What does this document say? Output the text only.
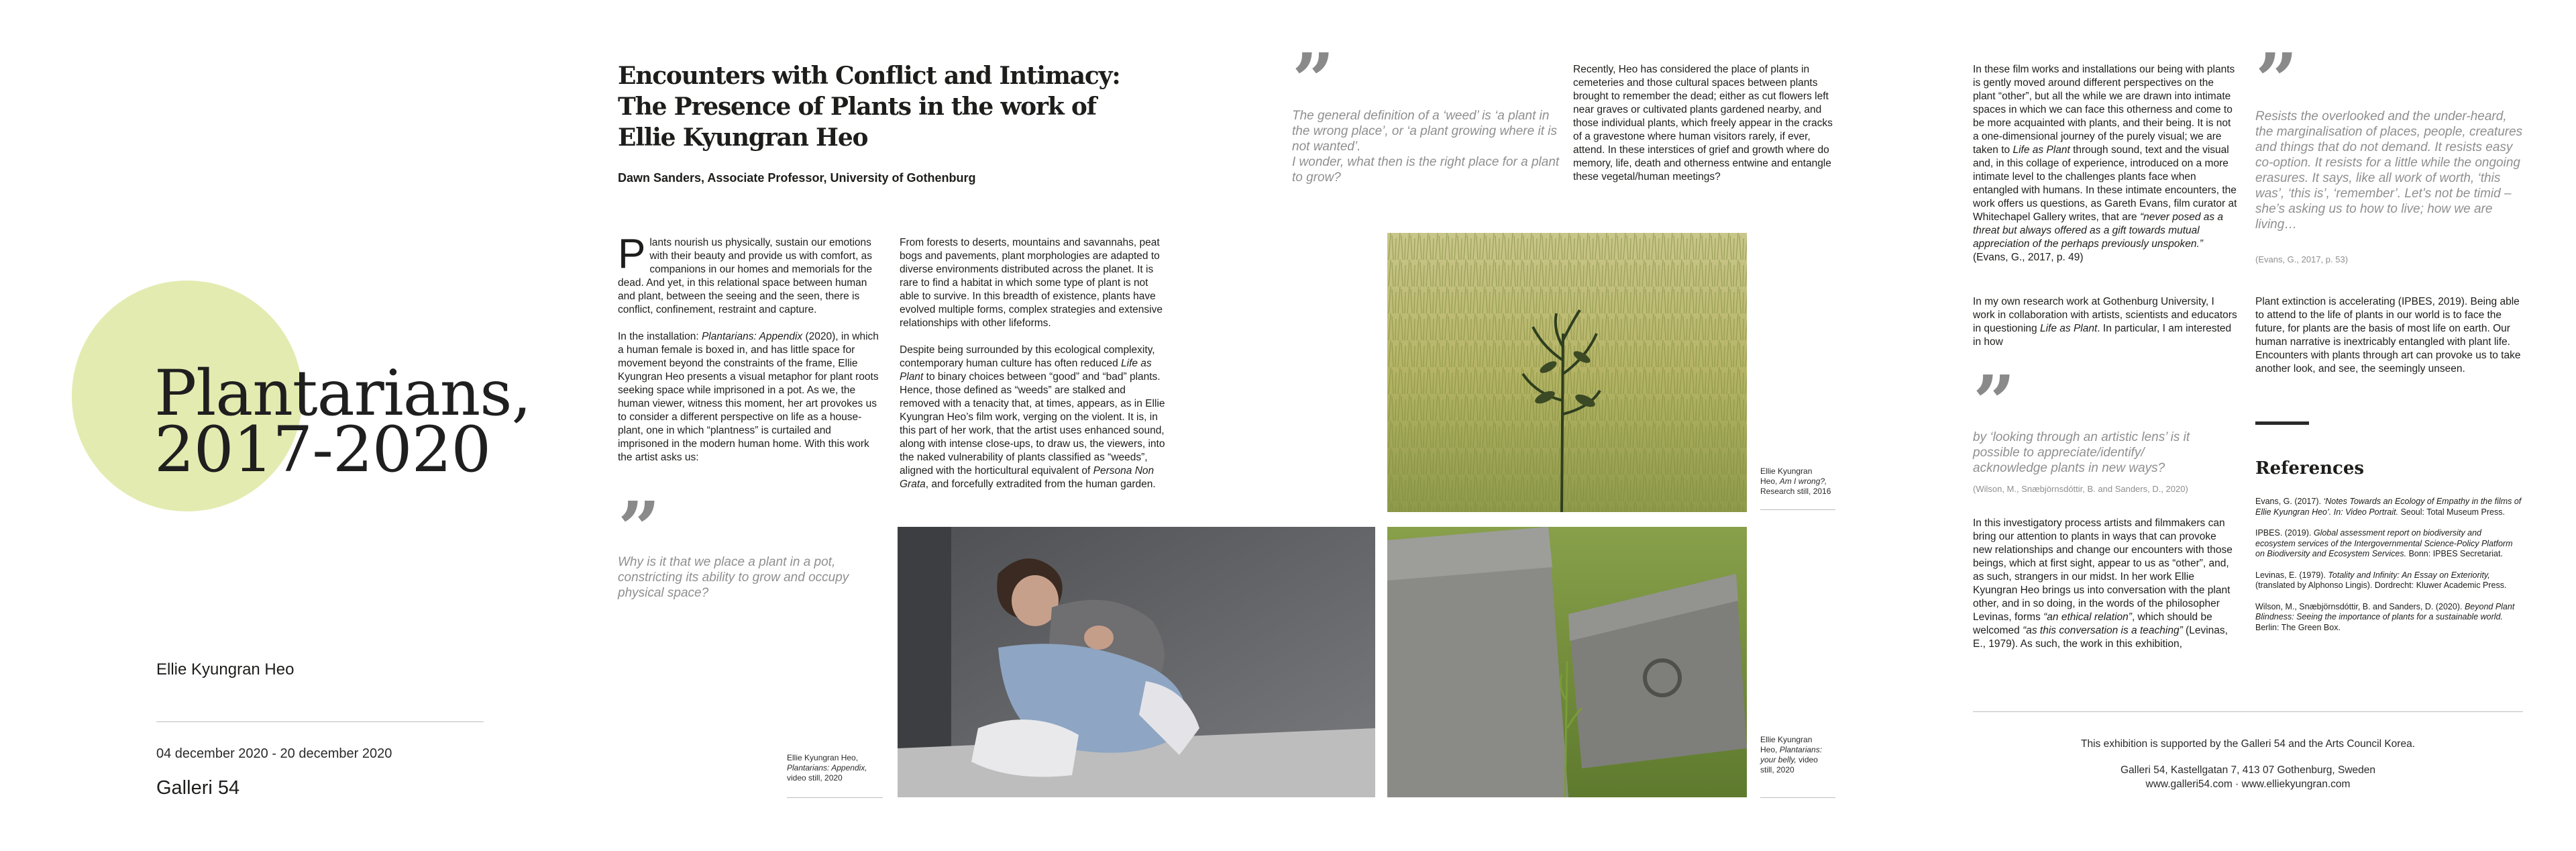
Plantarians,
2017-2020
Ellie Kyungran Heo
04 december 2020 - 20 december 2020
Galleri 54
Encounters with Conflict and Intimacy:
The Presence of Plants in the work of
Ellie Kyungran Heo
Dawn Sanders, Associate Professor, University of Gothenburg

Plants nourish us physically, sustain our emotions with their beauty and provide us with comfort, as companions in our homes and memorials for the dead. And yet, in this relational space between human and plant, between the seeing and the seen, there is conflict, confinement, restraint and capture.

In the installation: Plantarians: Appendix (2020), in which a human female is boxed in, and has little space for movement beyond the constraints of the frame, Ellie Kyungran Heo presents a visual metaphor for plant roots seeking space while imprisoned in a pot. As we, the human viewer, witness this moment, her art provokes us to consider a different perspective on life as a house-plant, one in which “plantness” is curtailed and imprisoned in the modern human home. With this work the artist asks us:

”
Why is it that we place a plant in a pot, constricting its ability to grow and occupy physical space?

From forests to deserts, mountains and savannahs, peat bogs and pavements, plant morphologies are adapted to diverse environments distributed across the planet. It is rare to find a habitat in which some type of plant is not able to survive. In this breadth of existence, plants have evolved multiple forms, complex strategies and extensive relationships with other lifeforms.

Despite being surrounded by this ecological complexity, contemporary human culture has often reduced Life as Plant to binary choices between “good” and “bad” plants. Hence, those defined as “weeds” are stalked and removed with a tenacity that, at times, appears, as in Ellie Kyungran Heo’s film work, verging on the violent. It is, in this part of her work, that the artist uses enhanced sound, along with intense close-ups, to draw us, the viewers, into the naked vulnerability of plants classified as “weeds”, aligned with the horticultural equivalent of Persona Non Grata, and forcefully extradited from the human garden.

Ellie Kyungran Heo,
Plantarians: Appendix,
video still, 2020
”
The general definition of a ‘weed’ is ‘a plant in the wrong place’, or ‘a plant growing where it is not wanted’.
I wonder, what then is the right place for a plant to grow?
Ellie Kyungran
Heo, Am I wrong?,
Research still, 2016
Ellie Kyungran
Heo, Plantarians:
your belly, video
still, 2020

Recently, Heo has considered the place of plants in cemeteries and those cultural spaces between plants brought to remember the dead; either as cut flowers left near graves or cultivated plants gardened nearby, and those individual plants, which freely appear in the cracks of a gravestone where human visitors rarely, if ever, attend. In these interstices of grief and growth where do memory, life, death and otherness entwine and entangle these vegetal/human meetings?

In these film works and installations our being with plants is gently moved around different perspectives on the plant “other”, but all the while we are drawn into intimate spaces in which we can face this otherness and come to be more acquainted with plants, and their being. It is not a one-dimensional journey of the purely visual; we are taken to Life as Plant through sound, text and the visual and, in this collage of experience, introduced on a more intimate level to the challenges plants face when entangled with humans. In these intimate encounters, the work offers us questions, as Gareth Evans, film curator at Whitechapel Gallery writes, that are “never posed as a threat but always offered as a gift towards mutual appreciation of the perhaps previously unspoken.”
(Evans, G., 2017, p. 49)

In my own research work at Gothenburg University, I work in collaboration with artists, scientists and educators in questioning Life as Plant. In particular, I am interested in how

”
by ‘looking through an artistic lens’ is it possible to appreciate/identify/ acknowledge plants in new ways?
(Wilson, M., Snæbjörnsdóttir, B. and Sanders, D., 2020)

In this investigatory process artists and filmmakers can bring our attention to plants in ways that can provoke new relationships and change our encounters with those beings, which at first sight, appear to us as “other”, and, as such, strangers in our midst. In her work Ellie Kyungran Heo brings us into conversation with the plant other, and in so doing, in the words of the philosopher Levinas, forms “an ethical relation”, which should be welcomed “as this conversation is a teaching” (Levinas, E., 1979). As such, the work in this exhibition,

”
Resists the overlooked and the under-heard, the marginalisation of places, people, creatures and things that do not demand. It resists easy co-option. It resists for a little while the ongoing erasures. It says, like all work of worth, ‘this was’, ‘this is’, ‘remember’. Let’s not be timid – she’s asking us to how to live; how we are living…
(Evans, G., 2017, p. 53)

Plant extinction is accelerating (IPBES, 2019). Being able to attend to the life of plants in our world is to face the future, for plants are the basis of most life on earth. Our human narrative is inextricably entangled with plant life. Encounters with plants through art can provoke us to take another look, and see, the seemingly unseen.

References

Evans, G. (2017). ‘Notes Towards an Ecology of Empathy in the films of Ellie Kyungran Heo’. In: Video Portrait. Seoul: Total Museum Press.

IPBES. (2019). Global assessment report on biodiversity and ecosystem services of the Intergovernmental Science-Policy Platform on Biodiversity and Ecosystem Services. Bonn: IPBES Secretariat.

Levinas, E. (1979). Totality and Infinity: An Essay on Exteriority, (translated by Alphonso Lingis). Dordrecht: Kluwer Academic Press.

Wilson, M., Snæbjörnsdóttir, B. and Sanders, D. (2020). Beyond Plant Blindness: Seeing the importance of plants for a sustainable world. Berlin: The Green Box.

This exhibition is supported by the Galleri 54 and the Arts Council Korea.
Galleri 54, Kastellgatan 7, 413 07 Gothenburg, Sweden
www.galleri54.com · www.elliekyungran.com
